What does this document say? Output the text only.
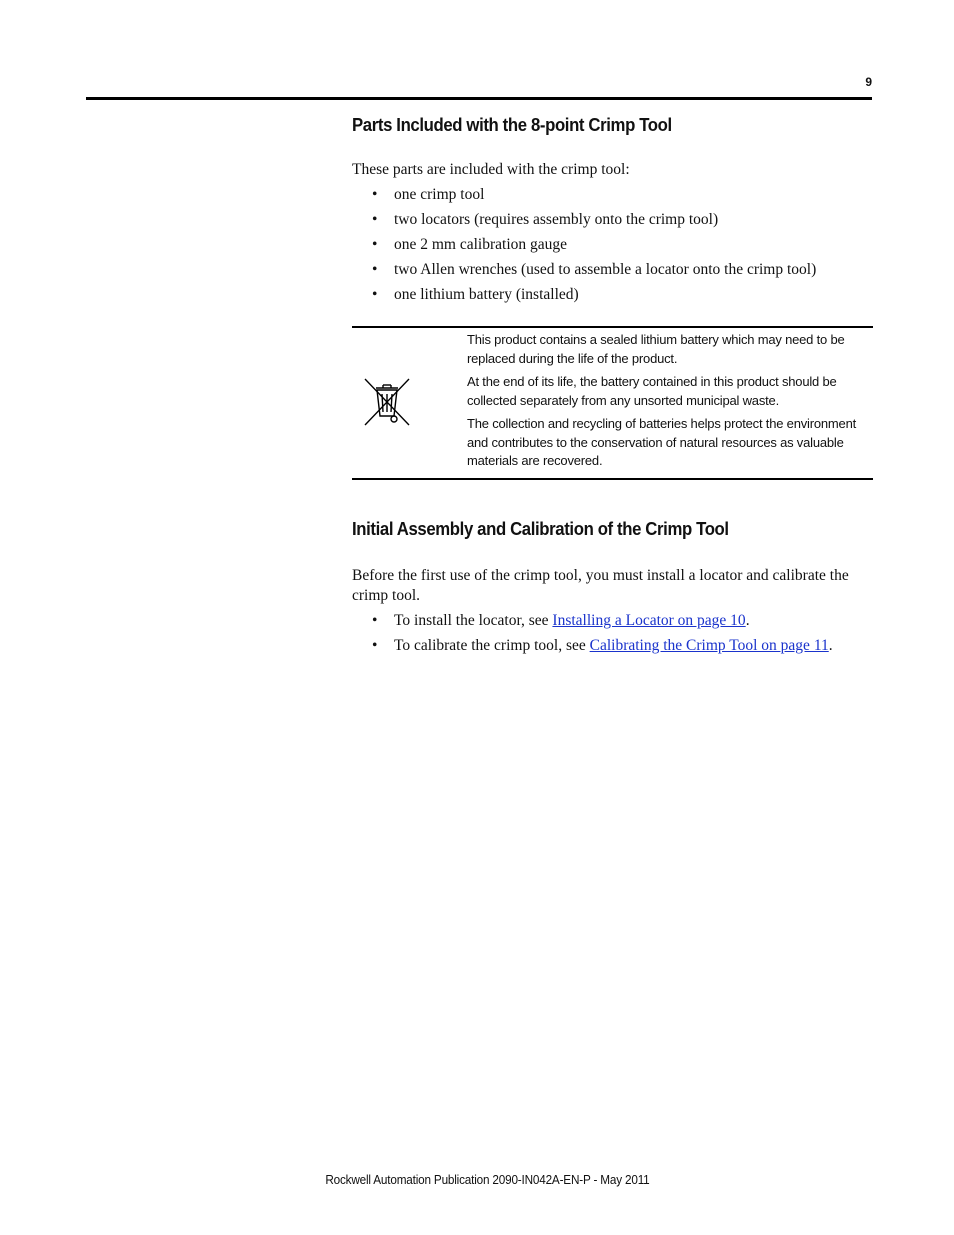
9
Parts Included with the 8-point Crimp Tool

These parts are included with the crimp tool:

• one crimp tool
• two locators (requires assembly onto the crimp tool)
• one 2 mm calibration gauge
• two Allen wrenches (used to assemble a locator onto the crimp tool)
• one lithium battery (installed)

This product contains a sealed lithium battery which may need to be replaced during the life of the product.

At the end of its life, the battery contained in this product should be collected separately from any unsorted municipal waste.

The collection and recycling of batteries helps protect the environment and contributes to the conservation of natural resources as valuable materials are recovered.

Initial Assembly and Calibration of the Crimp Tool

Before the first use of the crimp tool, you must install a locator and calibrate the crimp tool.

• To install the locator, see Installing a Locator on page 10.
• To calibrate the crimp tool, see Calibrating the Crimp Tool on page 11.
Rockwell Automation Publication 2090-IN042A-EN-P - May 2011
